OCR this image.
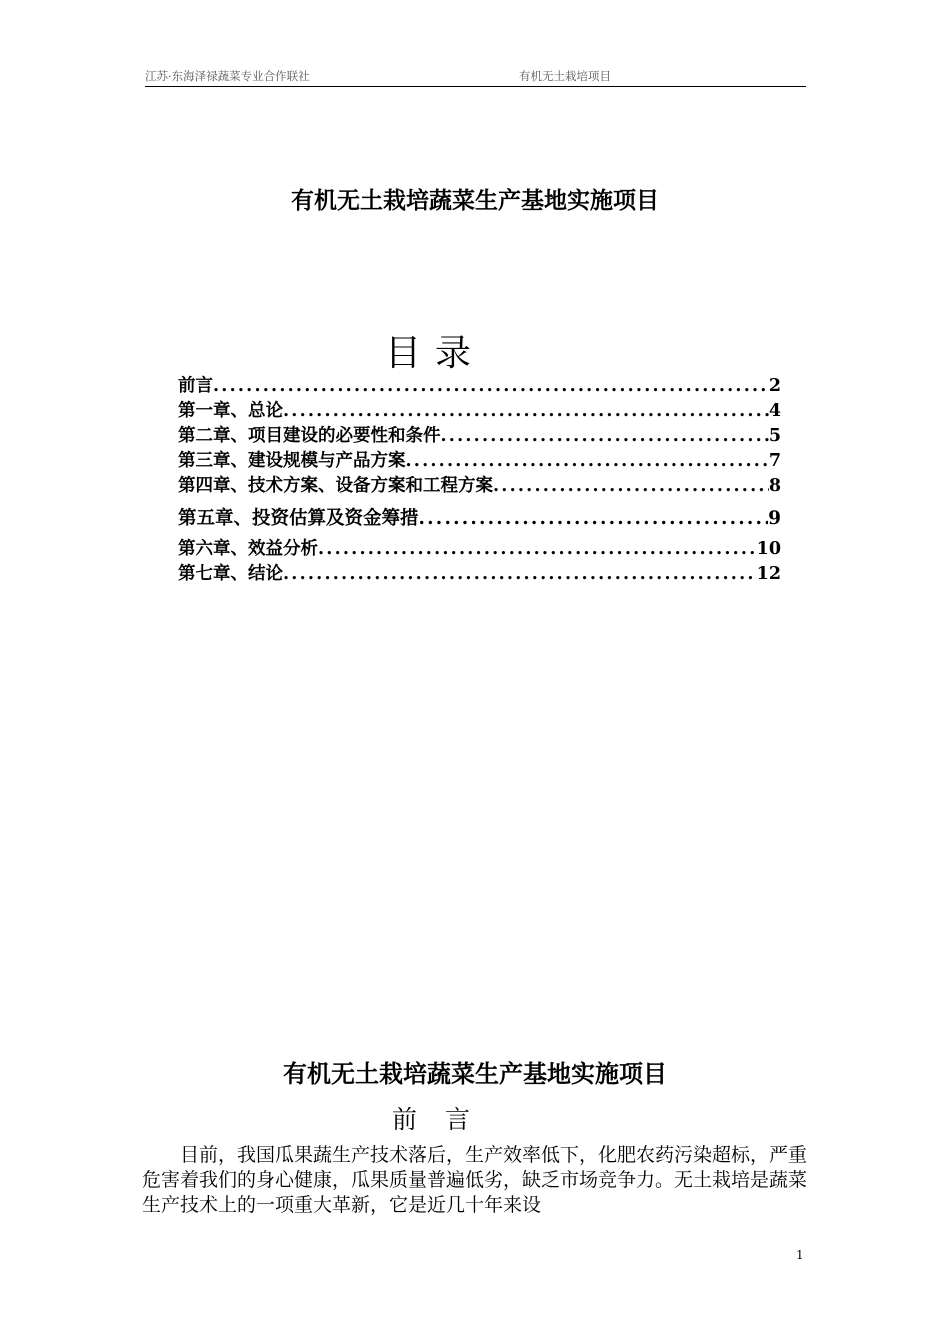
江苏·东海泽禄蔬菜专业合作联社	有机无土栽培项目
有机无土栽培蔬菜生产基地实施项目
目录
前言 .....	2
第一章、总论 .....	4
第二章、项目建设的必要性和条件 .....	5
第三章、建设规模与产品方案 .....	7
第四章、技术方案、设备方案和工程方案 .....	8
第五章、投资估算及资金筹措 .....	9
第六章、效益分析 .....	10
第七章、结论 .....	12
有机无土栽培蔬菜生产基地实施项目
前言

目前，我国瓜果蔬生产技术落后，生产效率低下，化肥农药污染超标，严重危害着我们的身心健康，瓜果质量普遍低劣，缺乏市场竞争力。无土栽培是蔬菜生产技术上的一项重大革新，它是近几十年来设

1
